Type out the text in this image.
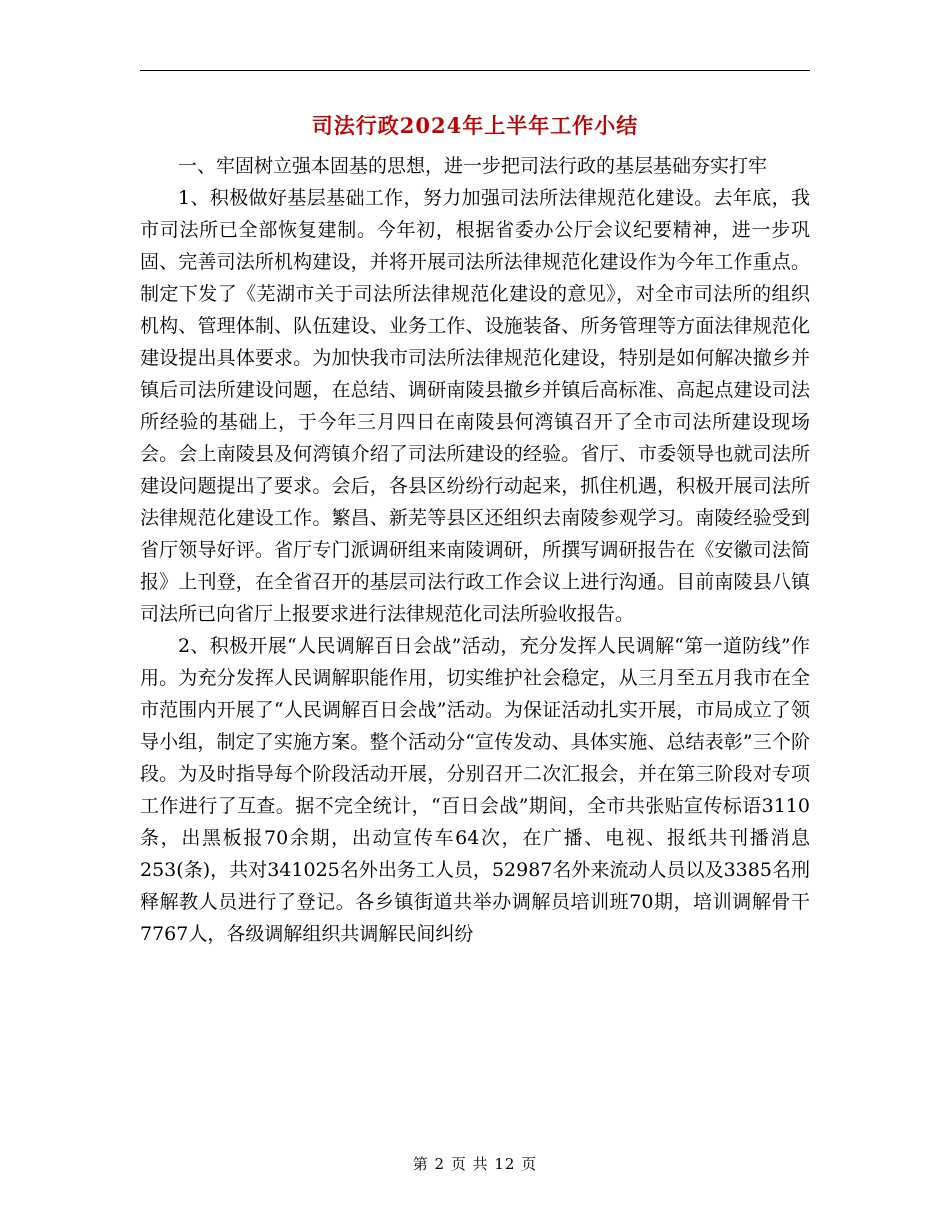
司法行政2024年上半年工作小结

一、牢固树立强本固基的思想，进一步把司法行政的基层基础夯实打牢

1、积极做好基层基础工作，努力加强司法所法律规范化建设。去年底，我市司法所已全部恢复建制。今年初，根据省委办公厅会议纪要精神，进一步巩固、完善司法所机构建设，并将开展司法所法律规范化建设作为今年工作重点。制定下发了《芜湖市关于司法所法律规范化建设的意见》，对全市司法所的组织机构、管理体制、队伍建设、业务工作、设施装备、所务管理等方面法律规范化建设提出具体要求。为加快我市司法所法律规范化建设，特别是如何解决撤乡并镇后司法所建设问题，在总结、调研南陵县撤乡并镇后高标准、高起点建设司法所经验的基础上，于今年三月四日在南陵县何湾镇召开了全市司法所建设现场会。会上南陵县及何湾镇介绍了司法所建设的经验。省厅、市委领导也就司法所建设问题提出了要求。会后，各县区纷纷行动起来，抓住机遇，积极开展司法所法律规范化建设工作。繁昌、新芜等县区还组织去南陵参观学习。南陵经验受到省厅领导好评。省厅专门派调研组来南陵调研，所撰写调研报告在《安徽司法简报》上刊登，在全省召开的基层司法行政工作会议上进行沟通。目前南陵县八镇司法所已向省厅上报要求进行法律规范化司法所验收报告。

2、积极开展“人民调解百日会战”活动，充分发挥人民调解“第一道防线”作用。为充分发挥人民调解职能作用，切实维护社会稳定，从三月至五月我市在全市范围内开展了“人民调解百日会战”活动。为保证活动扎实开展，市局成立了领导小组，制定了实施方案。整个活动分“宣传发动、具体实施、总结表彰”三个阶段。为及时指导每个阶段活动开展，分别召开二次汇报会，并在第三阶段对专项工作进行了互查。据不完全统计，“百日会战”期间，全市共张贴宣传标语3110条，出黑板报70余期，出动宣传车64次，在广播、电视、报纸共刊播消息253(条)，共对341025名外出务工人员，52987名外来流动人员以及3385名刑释解教人员进行了登记。各乡镇街道共举办调解员培训班70期，培训调解骨干7767人，各级调解组织共调解民间纠纷

第 2 页 共 12 页
